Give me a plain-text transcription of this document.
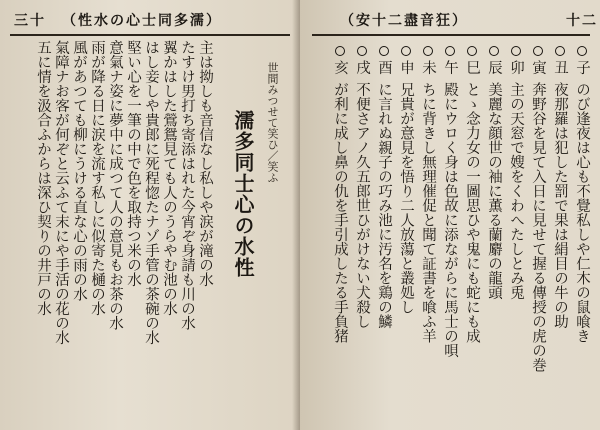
三十 （性水の心士同多濡）
主は拗しも音信なし私しや涙が滝の水
たすけ男打ち寄添はれた今宵ぞ身請も川の水
翼かはした鶯鴛見ても人のうらやむ池の水
はし妾しや貴郎に死程惚たナゾ手管の茶碗の水
堅い心を一筆の中で色を取持つ米の水
意氣ナ姿に夢中に成つて人の意見もお茶の水
雨が降る日に涙を流す私しに似寄た樋の水
風があつても柳にうける直な心の雨の水
氣障ナお客が何ぞと云ふて末にや手活の花の水
五に情を汲合ふからは深ひ契りの井戸の水	濡多同士心の水性 世間みつせて笑ひ／笑ふ
十二
（安十二盡音狂）
子
丑
寅
卯
辰
巳
午
未
申
酉
戌
亥
のび逢夜は心も不覺私しや仁木の鼠喰き
夜那羅は犯した罰で果は絹目の牛の助
奔野谷を見て入日に見せて握る傳授の虎の巻
主の天窓で嫂をくわへたしとみ兎
美麗な顔世の袖に薫る蘭麝の龍頭
とゝ念力女の一圖思ひや鬼にも蛇にも成
殿にウロく身は色故に添ながらに馬士の唄
ちに背きし無理催促と聞て証書を喰ふ羊
兄貴が意見を悟り二人放蕩と叢処し
に言れぬ親子の巧み池に汚名を鶏の鱗
不便さアノ久五郎世ひがけない犬殺し
が利に成し鼻の仇を手引成したる手負猪
